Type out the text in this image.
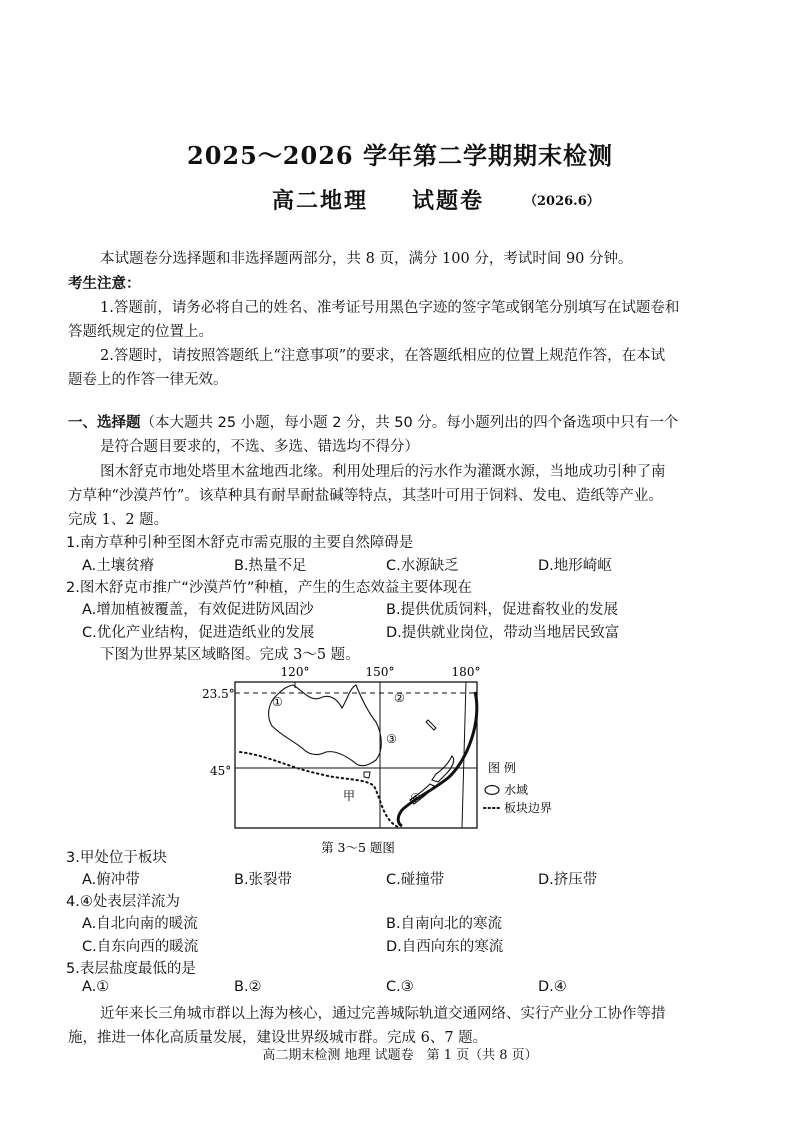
2025～2026 学年第二学期期末检测
高二地理 试题卷	（2026.6）
本试题卷分选择题和非选择题两部分，共 8 页，满分 100 分，考试时间 90 分钟。
考生注意：
1.答题前，请务必将自己的姓名、准考证号用黑色字迹的签字笔或钢笔分别填写在试题卷和
答题纸规定的位置上。
2.答题时，请按照答题纸上“注意事项”的要求，在答题纸相应的位置上规范作答，在本试
题卷上的作答一律无效。
一、选择题（本大题共 25 小题，每小题 2 分，共 50 分。每小题列出的四个备选项中只有一个
是符合题目要求的，不选、多选、错选均不得分）
图木舒克市地处塔里木盆地西北缘。利用处理后的污水作为灌溉水源，当地成功引种了南
方草种“沙漠芦竹”。该草种具有耐旱耐盐碱等特点，其茎叶可用于饲料、发电、造纸等产业。
完成 1、2 题。
1.南方草种引种至图木舒克市需克服的主要自然障碍是
A.土壤贫瘠	B.热量不足	C.水源缺乏	D.地形崎岖
2.图木舒克市推广“沙漠芦竹”种植，产生的生态效益主要体现在
A.增加植被覆盖，有效促进防风固沙	B.提供优质饲料，促进畜牧业的发展
C.优化产业结构，促进造纸业的发展	D.提供就业岗位，带动当地居民致富
下图为世界某区域略图。完成 3～5 题。
120°	150°	180°
23.5°
45°
①	②
③
④
甲
图 例
水域
板块边界
第 3～5 题图
3.甲处位于板块
A.俯冲带	B.张裂带	C.碰撞带	D.挤压带
4.④处表层洋流为
A.自北向南的暖流	B.自南向北的寒流
C.自东向西的暖流	D.自西向东的寒流
5.表层盐度最低的是
A.①	B.②	C.③	D.④
近年来长三角城市群以上海为核心，通过完善城际轨道交通网络、实行产业分工协作等措
施，推进一体化高质量发展，建设世界级城市群。完成 6、7 题。
高二期末检测 地理 试题卷　第 1 页（共 8 页）
